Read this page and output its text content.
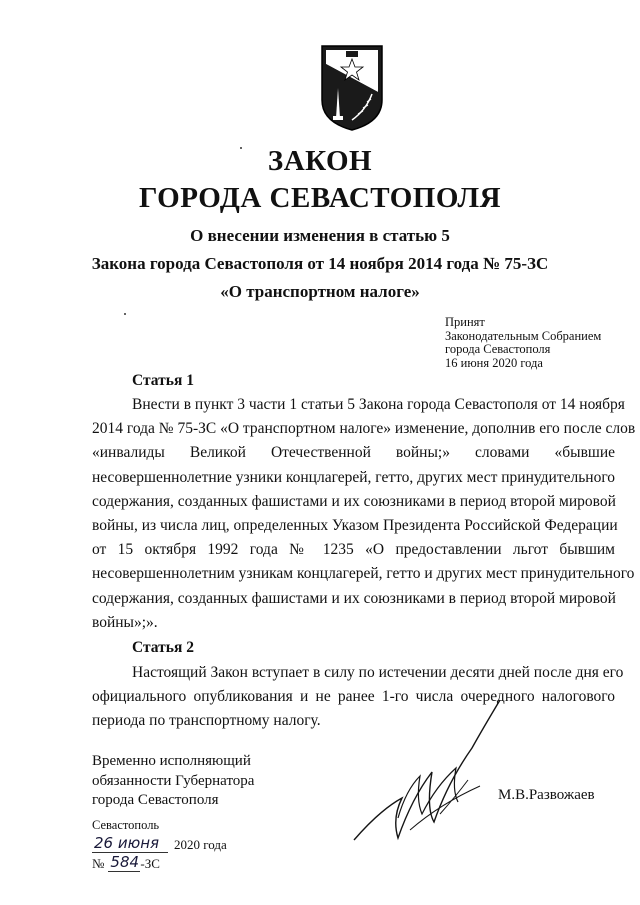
ЗАКОН
ГОРОДА СЕВАСТОПОЛЯ
О внесении изменения в статью 5
Закона города Севастополя от 14 ноября 2014 года № 75-ЗС
«О транспортном налоге»
Принят
Законодательным Собранием
города Севастополя
16 июня 2020 года
Статья 1
Внести в пункт 3 части 1 статьи 5 Закона города Севастополя от 14 ноября
2014 года № 75-ЗС «О транспортном налоге» изменение, дополнив его после слов
«инвалиды Великой Отечественной войны;» словами «бывшие
несовершеннолетние узники концлагерей, гетто, других мест принудительного
содержания, созданных фашистами и их союзниками в период второй мировой
войны, из числа лиц, определенных Указом Президента Российской Федерации
от 15 октября 1992 года № 1235 «О предоставлении льгот бывшим
несовершеннолетним узникам концлагерей, гетто и других мест принудительного
содержания, созданных фашистами и их союзниками в период второй мировой
войны»;».
Статья 2
Настоящий Закон вступает в силу по истечении десяти дней после дня его
официального опубликования и не ранее 1-го числа очередного налогового
периода по транспортному налогу.
Временно исполняющий
обязанности Губернатора
города Севастополя	М.В.Развожаев
Севастополь
26 июня	2020 года
№ 584 -ЗС
